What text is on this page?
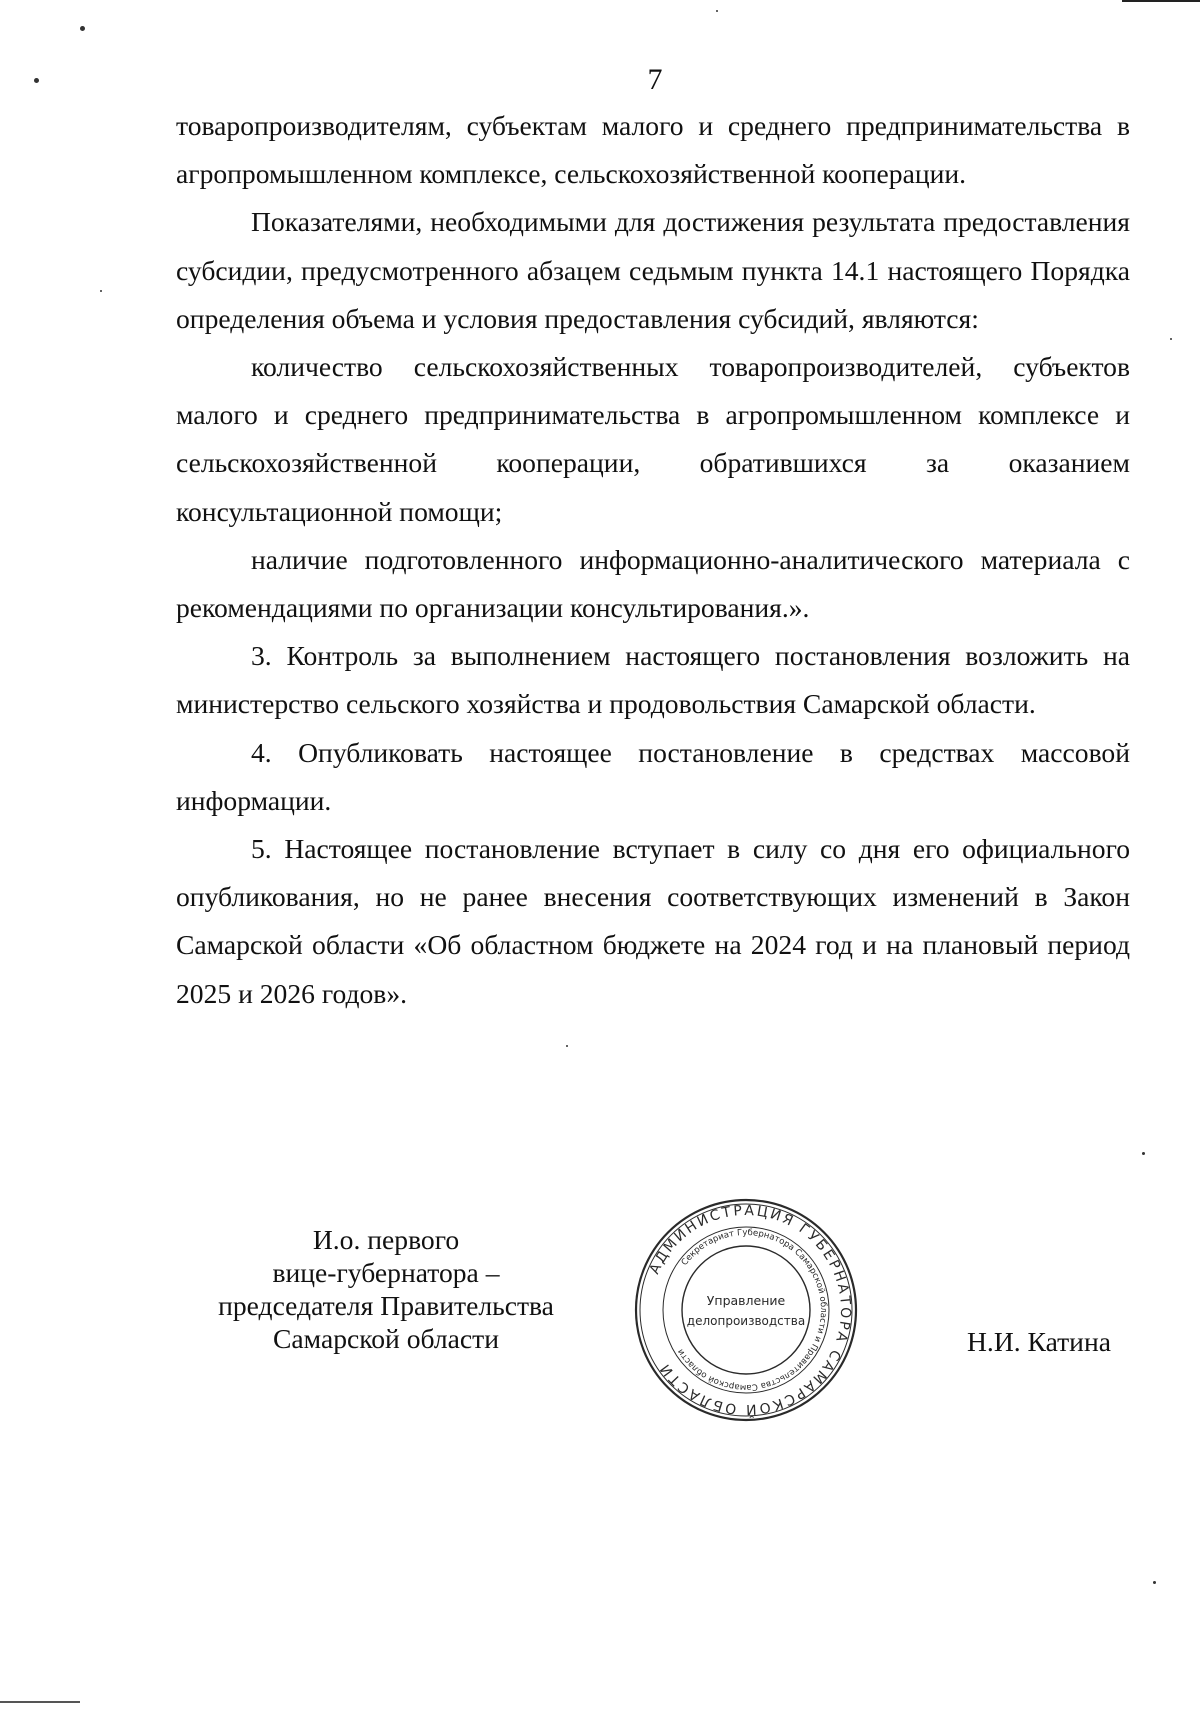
7

товаропроизводителям, субъектам малого и среднего предпринимательства в агропромышленном комплексе, сельскохозяйственной кооперации.

Показателями, необходимыми для достижения результата предоставления субсидии, предусмотренного абзацем седьмым пункта 14.1 настоящего Порядка определения объема и условия предоставления субсидий, являются:

количество сельскохозяйственных товаропроизводителей, субъектов малого и среднего предпринимательства в агропромышленном комплексе и сельскохозяйственной кооперации, обратившихся за оказанием консультационной помощи;

наличие подготовленного информационно-аналитического материала с рекомендациями по организации консультирования.».

3. Контроль за выполнением настоящего постановления возложить на министерство сельского хозяйства и продовольствия Самарской области.

4. Опубликовать настоящее постановление в средствах массовой информации.

5. Настоящее постановление вступает в силу со дня его официального опубликования, но не ранее внесения соответствующих изменений в Закон Самарской области «Об областном бюджете на 2024 год и на плановый период 2025 и 2026 годов».

И.о. первого
вице-губернатора –
председателя Правительства
Самарской области
АДМИНИСТРАЦИЯ ГУБЕРНАТОРА САМАРСКОЙ ОБЛАСТИ
Секретариат Губернатора Самарской области и Правительства Самарской области
Управление
делопроизводства
Н.И. Катина
